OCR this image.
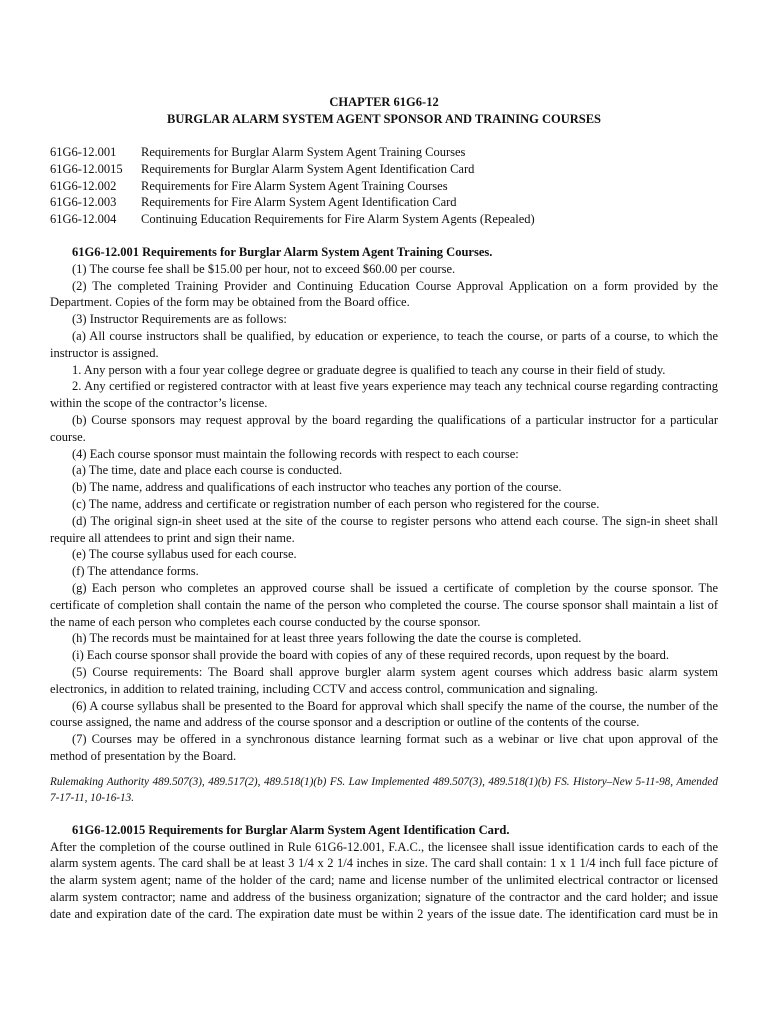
CHAPTER 61G6-12
BURGLAR ALARM SYSTEM AGENT SPONSOR AND TRAINING COURSES
61G6-12.001	Requirements for Burglar Alarm System Agent Training Courses
61G6-12.0015	Requirements for Burglar Alarm System Agent Identification Card
61G6-12.002	Requirements for Fire Alarm System Agent Training Courses
61G6-12.003	Requirements for Fire Alarm System Agent Identification Card
61G6-12.004	Continuing Education Requirements for Fire Alarm System Agents (Repealed)
61G6-12.001 Requirements for Burglar Alarm System Agent Training Courses.

(1) The course fee shall be $15.00 per hour, not to exceed $60.00 per course.

(2) The completed Training Provider and Continuing Education Course Approval Application on a form provided by the Department. Copies of the form may be obtained from the Board office.

(3) Instructor Requirements are as follows:

(a) All course instructors shall be qualified, by education or experience, to teach the course, or parts of a course, to which the instructor is assigned.

1. Any person with a four year college degree or graduate degree is qualified to teach any course in their field of study.

2. Any certified or registered contractor with at least five years experience may teach any technical course regarding contracting within the scope of the contractor’s license.

(b) Course sponsors may request approval by the board regarding the qualifications of a particular instructor for a particular course.

(4) Each course sponsor must maintain the following records with respect to each course:

(a) The time, date and place each course is conducted.

(b) The name, address and qualifications of each instructor who teaches any portion of the course.

(c) The name, address and certificate or registration number of each person who registered for the course.

(d) The original sign-in sheet used at the site of the course to register persons who attend each course. The sign-in sheet shall require all attendees to print and sign their name.

(e) The course syllabus used for each course.

(f) The attendance forms.

(g) Each person who completes an approved course shall be issued a certificate of completion by the course sponsor. The certificate of completion shall contain the name of the person who completed the course. The course sponsor shall maintain a list of the name of each person who completes each course conducted by the course sponsor.

(h) The records must be maintained for at least three years following the date the course is completed.

(i) Each course sponsor shall provide the board with copies of any of these required records, upon request by the board.

(5) Course requirements: The Board shall approve burgler alarm system agent courses which address basic alarm system electronics, in addition to related training, including CCTV and access control, communication and signaling.

(6) A course syllabus shall be presented to the Board for approval which shall specify the name of the course, the number of the course assigned, the name and address of the course sponsor and a description or outline of the contents of the course.

(7) Courses may be offered in a synchronous distance learning format such as a webinar or live chat upon approval of the method of presentation by the Board.

Rulemaking Authority 489.507(3), 489.517(2), 489.518(1)(b) FS. Law Implemented 489.507(3), 489.518(1)(b) FS. History–New 5-11-98, Amended 7-17-11, 10-16-13.

61G6-12.0015 Requirements for Burglar Alarm System Agent Identification Card.

After the completion of the course outlined in Rule 61G6-12.001, F.A.C., the licensee shall issue identification cards to each of the alarm system agents. The card shall be at least 3 1/4 x 2 1/4 inches in size. The card shall contain: 1 x 1 1/4 inch full face picture of the alarm system agent; name of the holder of the card; name and license number of the unlimited electrical contractor or licensed alarm system contractor; name and address of the business organization; signature of the contractor and the card holder; and issue date and expiration date of the card. The expiration date must be within 2 years of the issue date. The identification card must be in
